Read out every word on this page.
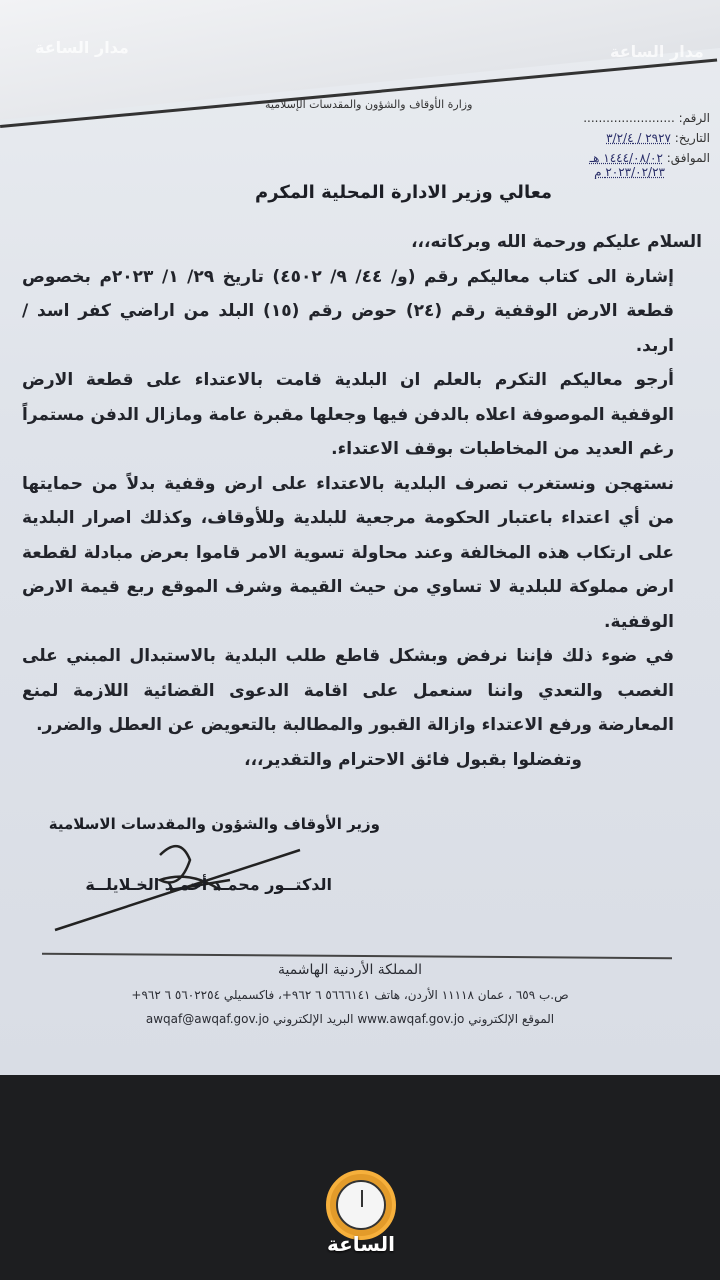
مدار الساعة	مدار الساعة
وزارة الأوقاف والشؤون والمقدسات الإسلامية
الرقم: ........................
التاريخ: ٢٩٢٧ / ٣/٢/٤
الموافق: ١٤٤٤/٠٨/٠٢ هـ
٢٠٢٣/٠٢/٢٣ م
معالي وزير الادارة المحلية المكرم

السلام عليكم ورحمة الله وبركاته،،،

إشارة الى كتاب معاليكم رقم (و/ ٤٤/ ٩/ ٤٥٠٢) تاريخ ٢٩/ ١/ ٢٠٢٣م بخصوص قطعة الارض الوقفية رقم (٢٤) حوض رقم (١٥) البلد من اراضي كفر اسد / اربد.

أرجو معاليكم التكرم بالعلم ان البلدية قامت بالاعتداء على قطعة الارض الوقفية الموصوفة اعلاه بالدفن فيها وجعلها مقبرة عامة ومازال الدفن مستمراً رغم العديد من المخاطبات بوقف الاعتداء.

نستهجن ونستغرب تصرف البلدية بالاعتداء على ارض وقفية بدلاً من حمايتها من أي اعتداء باعتبار الحكومة مرجعية للبلدية وللأوقاف، وكذلك اصرار البلدية على ارتكاب هذه المخالفة وعند محاولة تسوية الامر قاموا بعرض مبادلة لقطعة ارض مملوكة للبلدية لا تساوي من حيث القيمة وشرف الموقع ربع قيمة الارض الوقفية.

في ضوء ذلك فإننا نرفض وبشكل قاطع طلب البلدية بالاستبدال المبني على الغصب والتعدي واننا سنعمل على اقامة الدعوى القضائية اللازمة لمنع المعارضة ورفع الاعتداء وازالة القبور والمطالبة بالتعويض عن العطل والضرر.

وتفضلوا بقبول فائق الاحترام والتقدير،،،

وزير الأوقاف والشؤون والمقدسات الاسلامية
الدكتــور محمـد أحمـد الخـلايلــة
المملكة الأردنية الهاشمية
ص.ب ٦٥٩ ، عمان ١١١١٨ الأردن، هاتف ٥٦٦٦١٤١ ٦ ٩٦٢+، فاكسميلي ٥٦٠٢٢٥٤ ٦ ٩٦٢+
الموقع الإلكتروني www.awqaf.gov.jo البريد الإلكتروني awqaf@awqaf.gov.jo
الساعة
